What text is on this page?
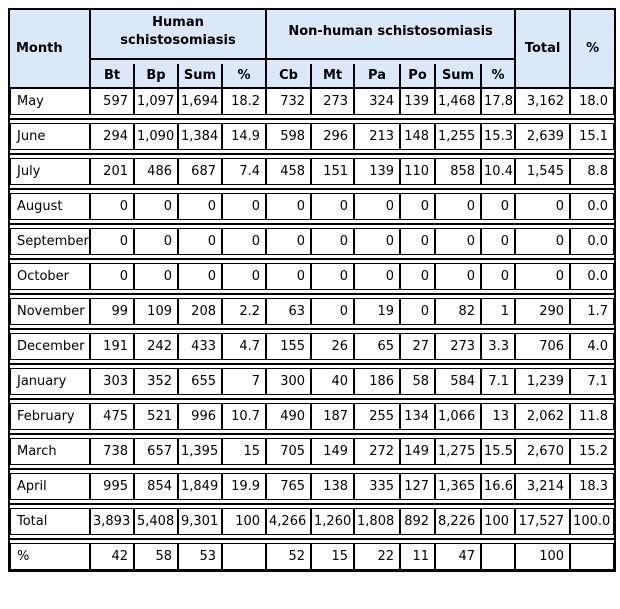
Month	Human schistosomiasis				Non-human schistosomiasis						Total	%

	Bt	Bp	Sum	%	Cb	Mt	Pa	Po	Sum	%		
May	597	1,097	1,694	18.2	732	273	324	139	1,468	17.8	3,162	18.0

June	294	1,090	1,384	14.9	598	296	213	148	1,255	15.3	2,639	15.1

July	201	486	687	7.4	458	151	139	110	858	10.4	1,545	8.8

August	0	0	0	0	0	0	0	0	0	0	0	0.0

September	0	0	0	0	0	0	0	0	0	0	0	0.0

October	0	0	0	0	0	0	0	0	0	0	0	0.0

November	99	109	208	2.2	63	0	19	0	82	1	290	1.7

December	191	242	433	4.7	155	26	65	27	273	3.3	706	4.0

January	303	352	655	7	300	40	186	58	584	7.1	1,239	7.1

February	475	521	996	10.7	490	187	255	134	1,066	13	2,062	11.8

March	738	657	1,395	15	705	149	272	149	1,275	15.5	2,670	15.2

April	995	854	1,849	19.9	765	138	335	127	1,365	16.6	3,214	18.3

Total	3,893	5,408	9,301	100	4,266	1,260	1,808	892	8,226	100	17,527	100.0

%	42	58	53		52	15	22	11	47		100	
